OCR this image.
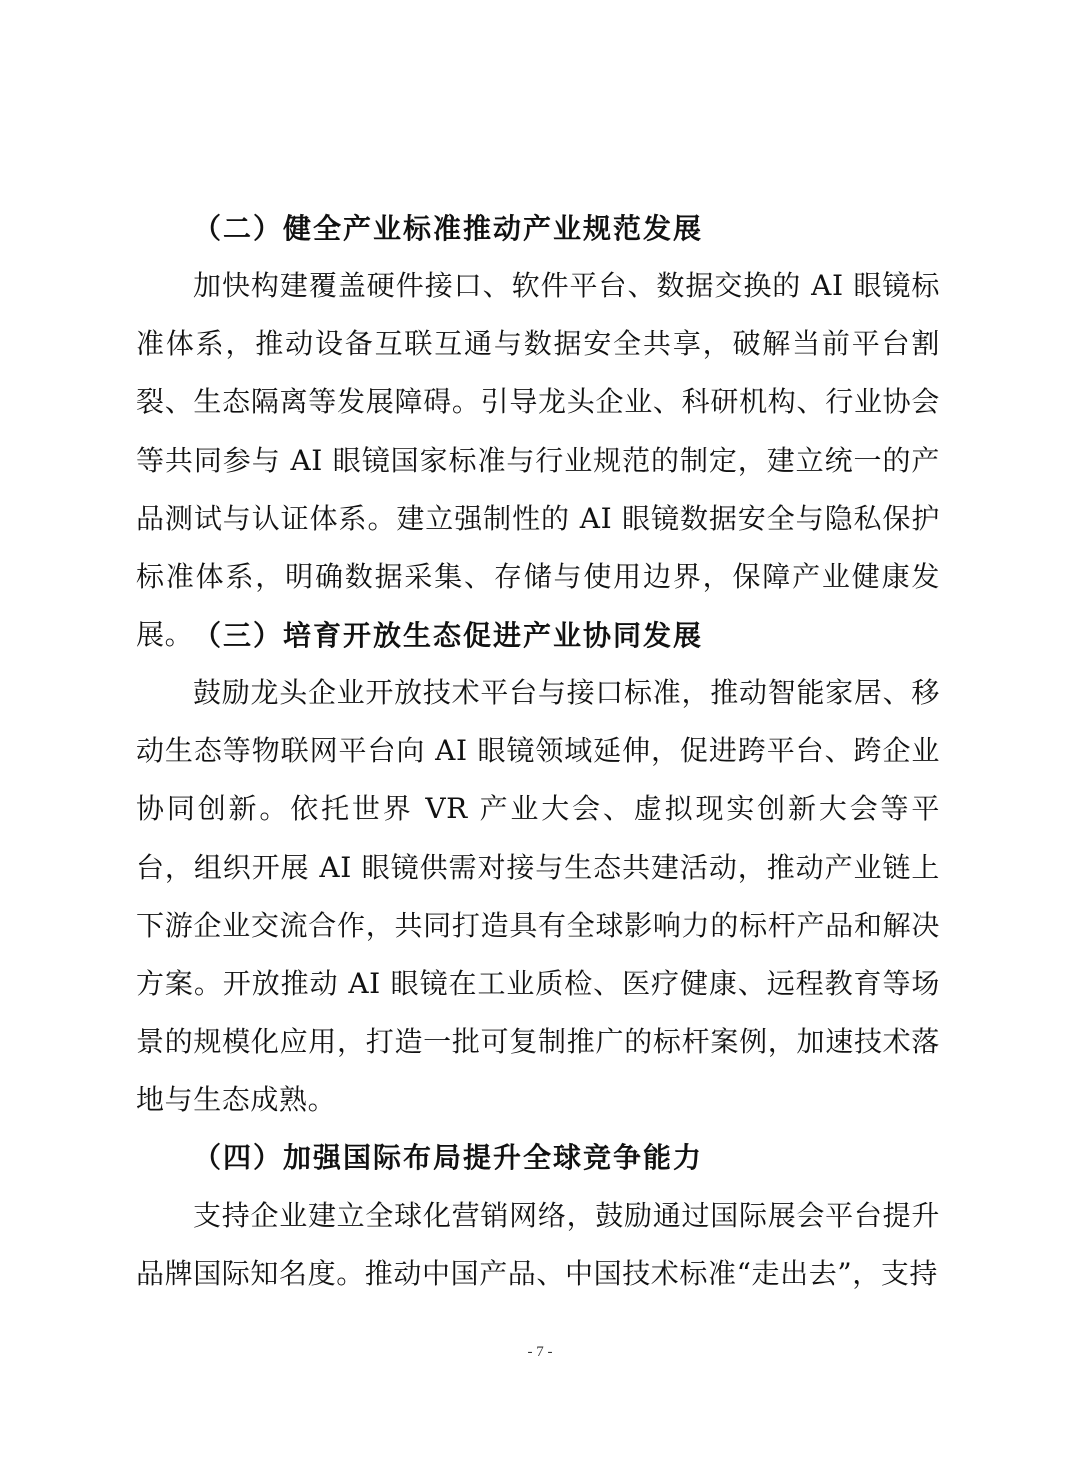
（二）健全产业标准推动产业规范发展

加快构建覆盖硬件接口、软件平台、数据交换的 AI 眼镜标准体系，推动设备互联互通与数据安全共享，破解当前平台割裂、生态隔离等发展障碍。引导龙头企业、科研机构、行业协会等共同参与 AI 眼镜国家标准与行业规范的制定，建立统一的产品测试与认证体系。建立强制性的 AI 眼镜数据安全与隐私保护标准体系，明确数据采集、存储与使用边界，保障产业健康发展。 （三）培育开放生态促进产业协同发展

鼓励龙头企业开放技术平台与接口标准，推动智能家居、移动生态等物联网平台向 AI 眼镜领域延伸，促进跨平台、跨企业协同创新。依托世界 VR 产业大会、虚拟现实创新大会等平台，组织开展 AI 眼镜供需对接与生态共建活动，推动产业链上下游企业交流合作，共同打造具有全球影响力的标杆产品和解决方案。开放推动 AI 眼镜在工业质检、医疗健康、远程教育等场景的规模化应用，打造一批可复制推广的标杆案例，加速技术落地与生态成熟。

（四）加强国际布局提升全球竞争能力

支持企业建立全球化营销网络，鼓励通过国际展会平台提升品牌国际知名度。推动中国产品、中国技术标准“走出去”，支持

- 7 -
